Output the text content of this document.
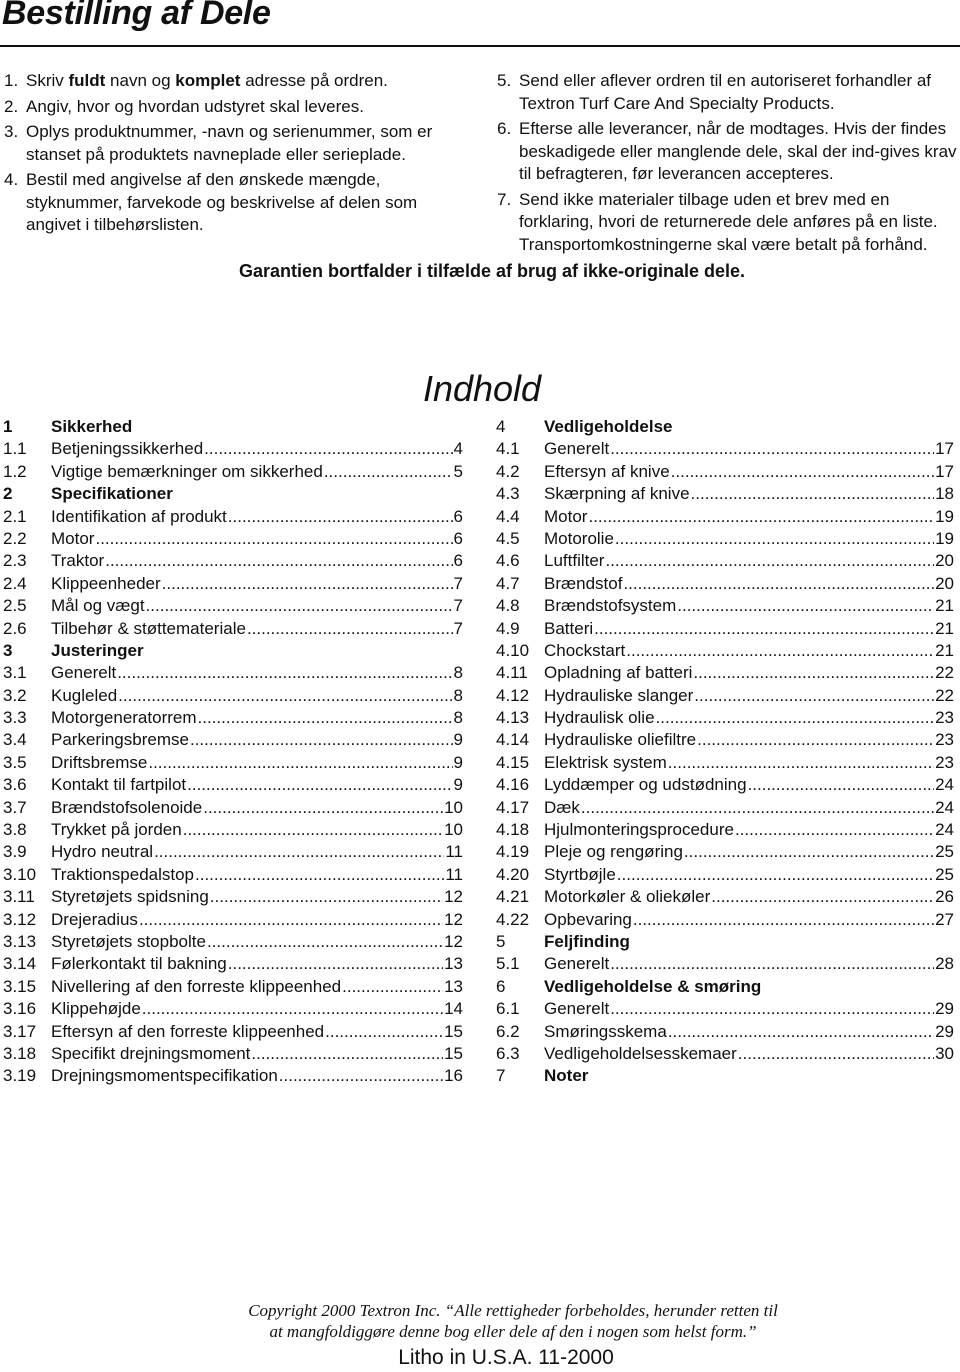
Bestilling af Dele
1. Skriv fuldt navn og komplet adresse på ordren.
2. Angiv, hvor og hvordan udstyret skal leveres.
3. Oplys produktnummer, -navn og serienummer, som er stanset på produktets navneplade eller serieplade.
4. Bestil med angivelse af den ønskede mængde, styknummer, farvekode og beskrivelse af delen som angivet i tilbehørslisten.
5. Send eller aflever ordren til en autoriseret forhandler af Textron Turf Care And Specialty Products.
6. Efterse alle leverancer, når de modtages. Hvis der findes beskadigede eller manglende dele, skal der ind-gives krav til befragteren, før leverancen accepteres.
7. Send ikke materialer tilbage uden et brev med en forklaring, hvori de returnerede dele anføres på en liste. Transportomkostningerne skal være betalt på forhånd.
Garantien bortfalder i tilfælde af brug af ikke-originale dele.
Indhold
1	Sikkerhed
1.1	Betjeningssikkerhed .....	4
1.2	Vigtige bemærkninger om sikkerhed .....	5
2	Specifikationer
2.1	Identifikation af produkt .....	6
2.2	Motor .....	6
2.3	Traktor .....	6
2.4	Klippeenheder .....	7
2.5	Mål og vægt .....	7
2.6	Tilbehør & støttemateriale .....	7
3	Justeringer
3.1	Generelt .....	8
3.2	Kugleled .....	8
3.3	Motorgeneratorrem .....	8
3.4	Parkeringsbremse .....	9
3.5	Driftsbremse .....	9
3.6	Kontakt til fartpilot .....	9
3.7	Brændstofsolenoide .....	10
3.8	Trykket på jorden .....	10
3.9	Hydro neutral .....	11
3.10 Traktionspedalstop .....	11
3.11 Styretøjets spidsning .....	12
3.12 Drejeradius .....	12
3.13 Styretøjets stopbolte .....	12
3.14 Følerkontakt til bakning .....	13
3.15 Nivellering af den forreste klippeenhed .....	13
3.16 Klippehøjde .....	14
3.17 Eftersyn af den forreste klippeenhed .....	15
3.18 Specifikt drejningsmoment .....	15
3.19 Drejningsmomentspecifikation .....	16
4	Vedligeholdelse
4.1	Generelt .....	17
4.2	Eftersyn af knive .....	17
4.3	Skærpning af knive .....	18
4.4	Motor .....	19
4.5	Motorolie .....	19
4.6	Luftfilter .....	20
4.7	Brændstof .....	20
4.8	Brændstofsystem .....	21
4.9	Batteri .....	21
4.10 Chockstart .....	21
4.11 Opladning af batteri .....	22
4.12 Hydrauliske slanger .....	22
4.13 Hydraulisk olie .....	23
4.14 Hydrauliske oliefiltre .....	23
4.15 Elektrisk system .....	23
4.16 Lyddæmper og udstødning .....	24
4.17 Dæk .....	24
4.18 Hjulmonteringsprocedure .....	24
4.19 Pleje og rengøring .....	25
4.20 Styrtbøjle .....	25
4.21 Motorkøler & oliekøler .....	26
4.22 Opbevaring .....	27
5	Feljfinding
5.1	Generelt .....	28
6	Vedligeholdelse & smøring
6.1	Generelt .....	29
6.2	Smøringsskema .....	29
6.3	Vedligeholdelsesskemaer .....	30
7	Noter
Copyright 2000 Textron Inc. “Alle rettigheder forbeholdes, herunder retten til
at mangfoldiggøre denne bog eller dele af den i nogen som helst form.”
Litho in U.S.A. 11-2000
